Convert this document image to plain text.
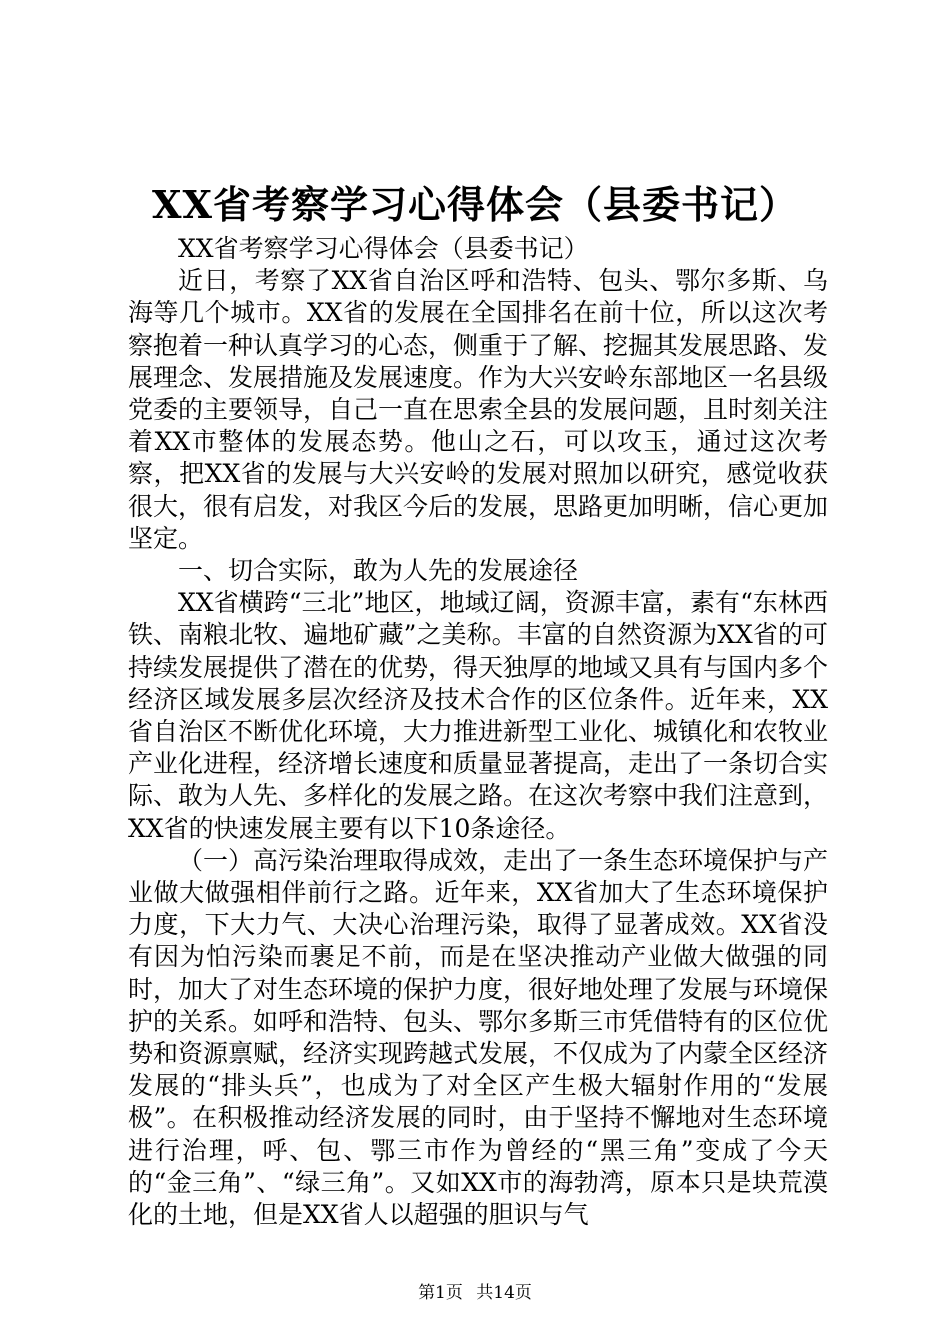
XX省考察学习心得体会（县委书记）

XX省考察学习心得体会（县委书记）

近日，考察了XX省自治区呼和浩特、包头、鄂尔多斯、乌海等几个城市。XX省的发展在全国排名在前十位，所以这次考察抱着一种认真学习的心态，侧重于了解、挖掘其发展思路、发展理念、发展措施及发展速度。作为大兴安岭东部地区一名县级党委的主要领导，自己一直在思索全县的发展问题，且时刻关注着XX市整体的发展态势。他山之石，可以攻玉，通过这次考察，把XX省的发展与大兴安岭的发展对照加以研究，感觉收获很大，很有启发，对我区今后的发展，思路更加明晰，信心更加坚定。

一、切合实际，敢为人先的发展途径

XX省横跨“三北”地区，地域辽阔，资源丰富，素有“东林西铁、南粮北牧、遍地矿藏”之美称。丰富的自然资源为XX省的可持续发展提供了潜在的优势，得天独厚的地域又具有与国内多个经济区域发展多层次经济及技术合作的区位条件。近年来，XX省自治区不断优化环境，大力推进新型工业化、城镇化和农牧业产业化进程，经济增长速度和质量显著提高，走出了一条切合实际、敢为人先、多样化的发展之路。在这次考察中我们注意到，XX省的快速发展主要有以下10条途径。

（一）高污染治理取得成效，走出了一条生态环境保护与产业做大做强相伴前行之路。近年来，XX省加大了生态环境保护力度，下大力气、大决心治理污染，取得了显著成效。XX省没有因为怕污染而裹足不前，而是在坚决推动产业做大做强的同时，加大了对生态环境的保护力度，很好地处理了发展与环境保护的关系。如呼和浩特、包头、鄂尔多斯三市凭借特有的区位优势和资源禀赋，经济实现跨越式发展，不仅成为了内蒙全区经济发展的“排头兵”，也成为了对全区产生极大辐射作用的“发展极”。在积极推动经济发展的同时，由于坚持不懈地对生态环境进行治理，呼、包、鄂三市作为曾经的“黑三角”变成了今天的“金三角”、“绿三角”。又如XX市的海勃湾，原本只是块荒漠化的土地，但是XX省人以超强的胆识与气

第1页 共14页
